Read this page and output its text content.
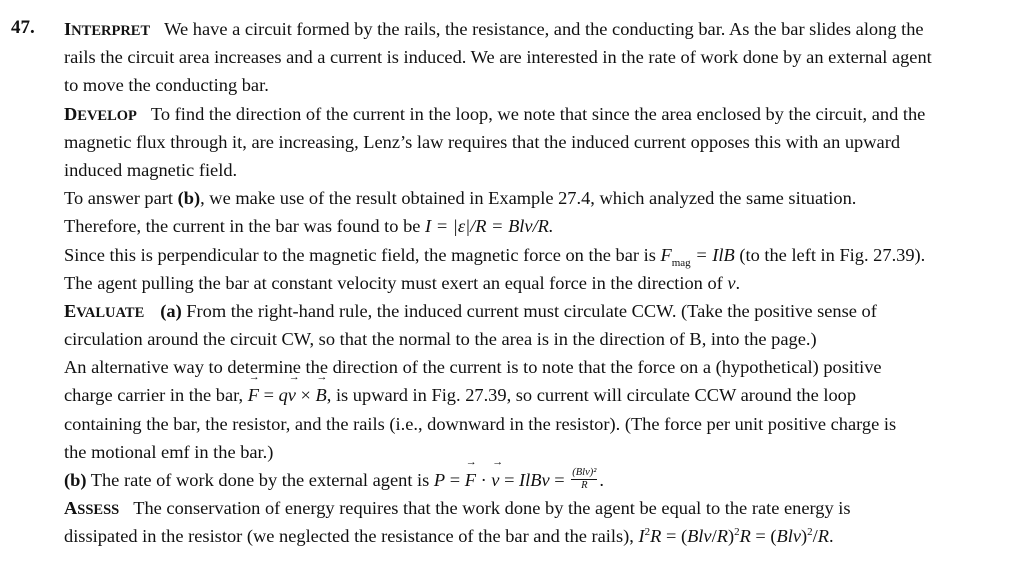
47. INTERPRET We have a circuit formed by the rails, the resistance, and the conducting bar. As the bar slides along the
rails the circuit area increases and a current is induced. We are interested in the rate of work done by an external agent
to move the conducting bar.
DEVELOP To find the direction of the current in the loop, we note that since the area enclosed by the circuit, and the
magnetic flux through it, are increasing, Lenz’s law requires that the induced current opposes this with an upward
induced magnetic field.
To answer part (b), we make use of the result obtained in Example 27.4, which analyzed the same situation.
Therefore, the current in the bar was found to be I = |ε|/R = Blv/R.
Since this is perpendicular to the magnetic field, the magnetic force on the bar is $F_{mag}$ = IlB (to the left in Fig. 27.39).
The agent pulling the bar at constant velocity must exert an equal force in the direction of v.
EVALUATE (a) From the right-hand rule, the induced current must circulate CCW. (Take the positive sense of
circulation around the circuit CW, so that the normal to the area is in the direction of B, into the page.)
An alternative way to determine the direction of the current is to note that the force on a (hypothetical) positive
charge carrier in the bar, → F = q→ v × → B, is upward in Fig. 27.39, so current will circulate CCW around the loop
containing the bar, the resistor, and the rails (i.e., downward in the resistor). (The force per unit positive charge is
the motional emf in the bar.)
(b) The rate of work done by the external agent is P = → F · → v = IlBv = $\frac{\text{(Blv)²}}{R}$ .
ASSESS The conservation of energy requires that the work done by the agent be equal to the rate energy is
dissipated in the resistor (we neglected the resistance of the bar and the rails), $I^2R = (Blv/R)^2R = (Blv)^2/R$.
